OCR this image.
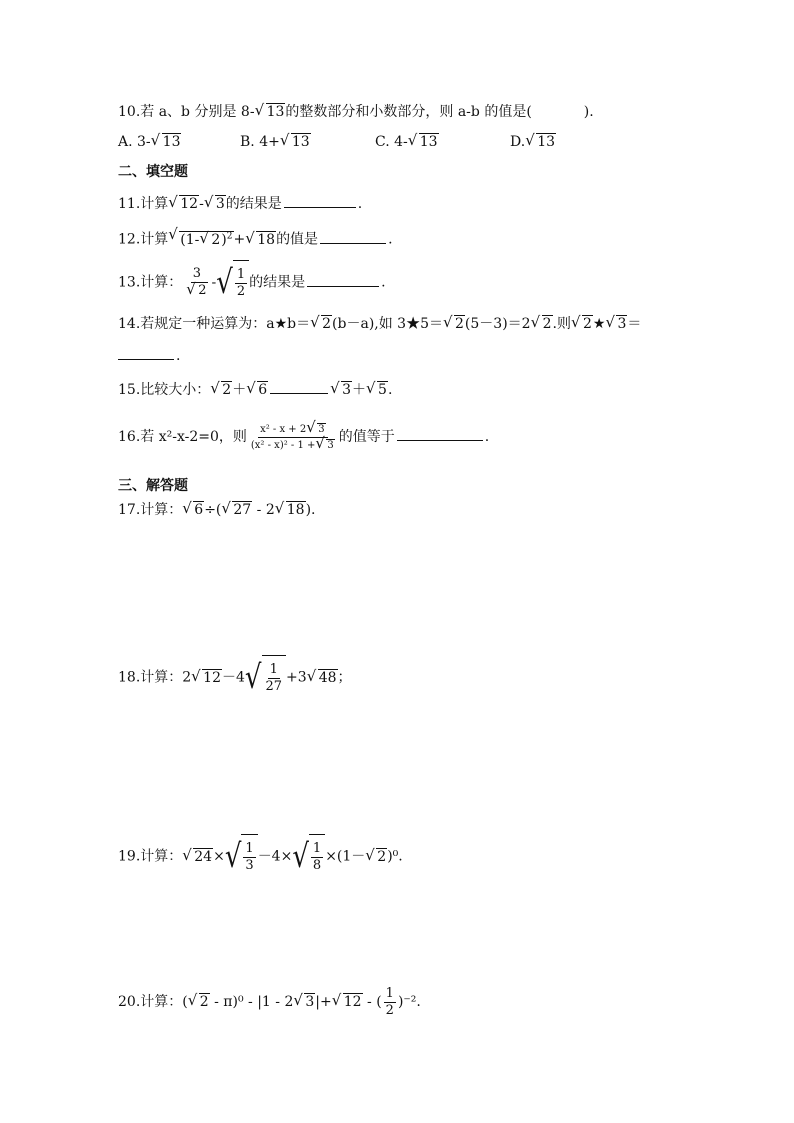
10.若 a、b 分别是 8-√ 13的整数部分和小数部分，则 a-b 的值是(	).
A. 3-√ 13	B. 4+√ 13	C. 4-√ 13	D.√ 13
二、填空题
11.计算√ 12-√ 3的结果是	.
12.计算√ (1-√ 2)$^2$+√ 18的值是	.
13.计算： 3
√ 2 - √ $\frac{1}{2}$ 的结果是	.
14.若规定一种运算为：a★b＝√ 2(b－a),如 3★5＝√ 2(5－3)＝2√ 2.则√ 2★√ 3＝
.
15.比较大小：√ 2＋√ 6√	3＋√ 5.
16.若 x²-x-2=0，则 $\frac{\text{x² - x + 2√ 3}}{\text{(x² - x)² - 1 +√ 3}}$ 的值等于	.
三、解答题
17.计算：√ 6÷(√ 27 - 2√ 18).
18.计算：2√ 12－4 √ $\frac{1}{27} +3√$ 48；
19.计算：√ 24× √ $\frac{1}{3} -4\times$ √ $\frac{1}{8} \times(1-√$ 2)⁰.
20.计算：(√ 2 - π)⁰ - |1 - 2√ 3|+√ 12 - ( $\frac{1}{2} )^{-2}$.
